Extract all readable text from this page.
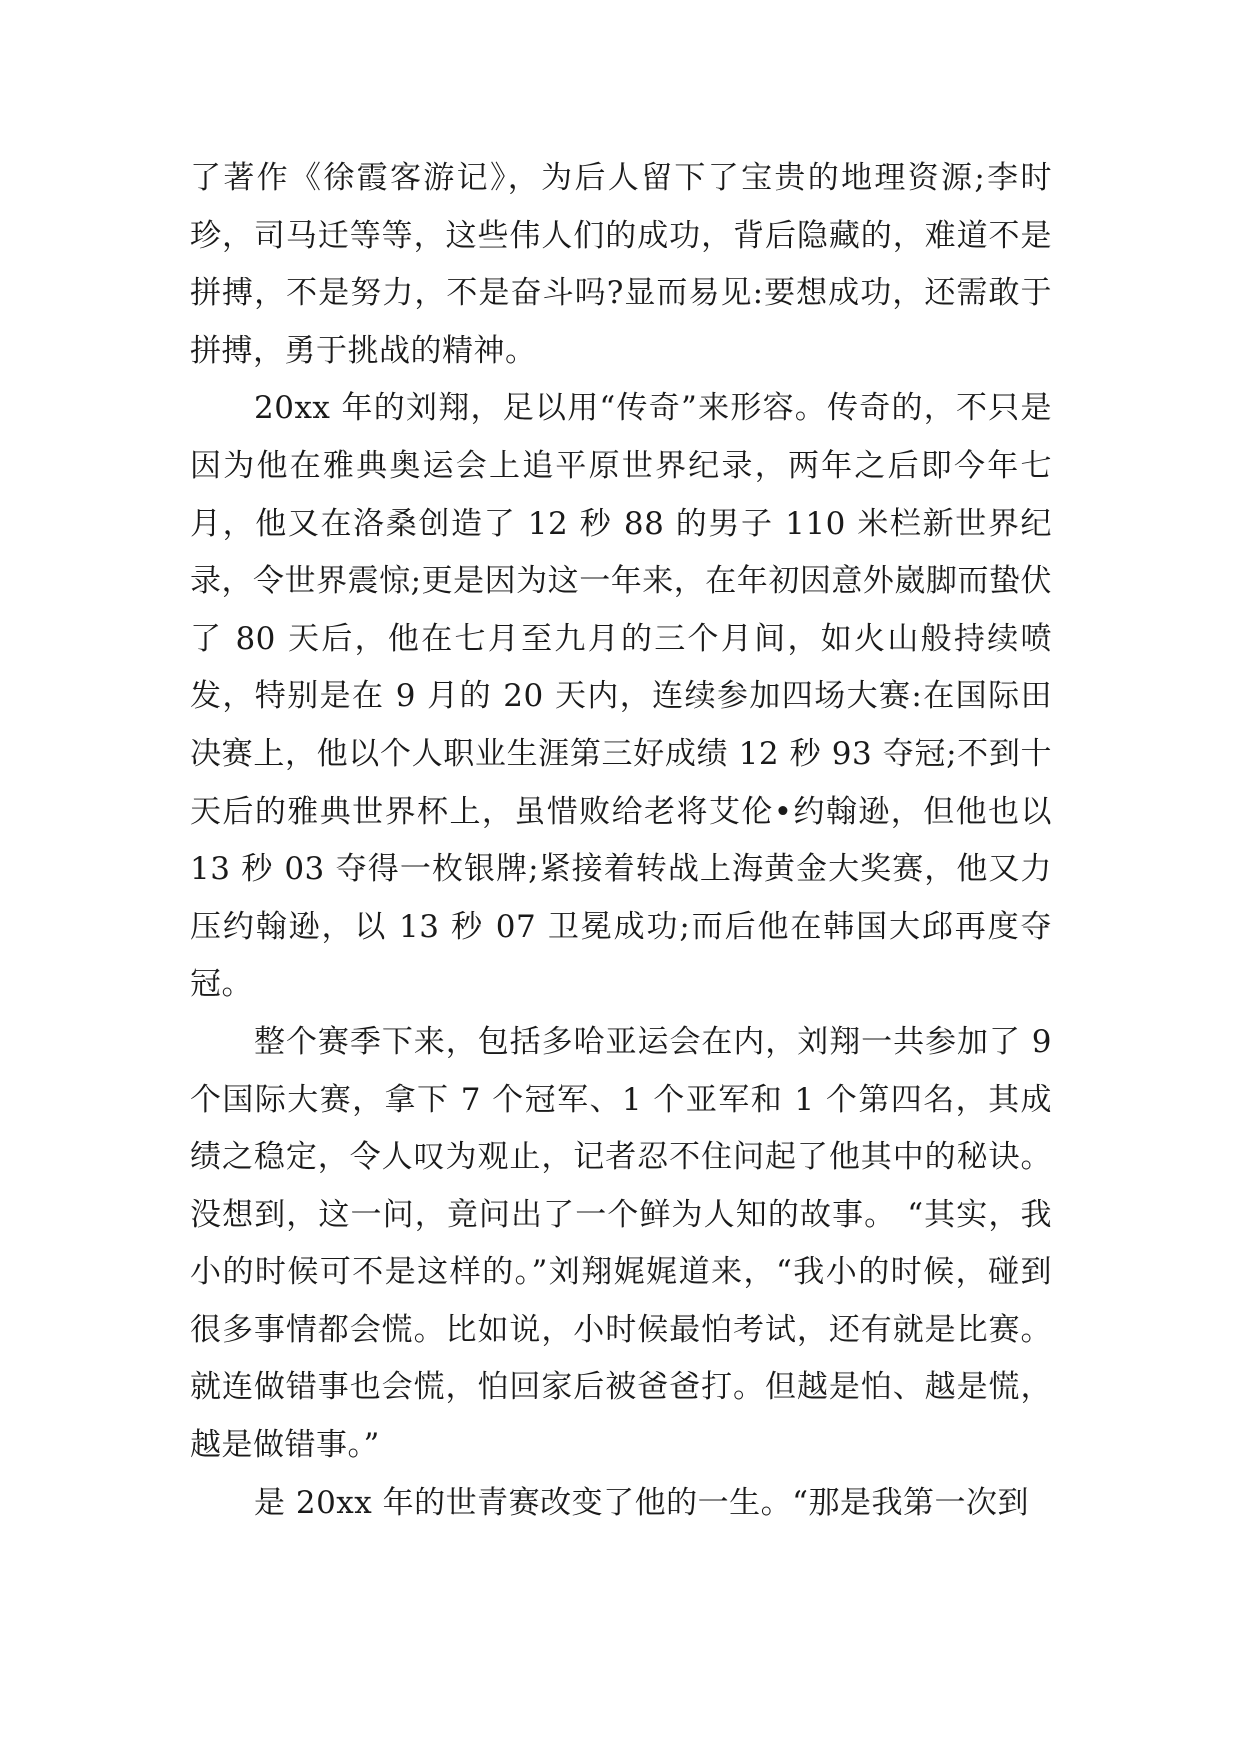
了著作《徐霞客游记》，为后人留下了宝贵的地理资源;李时珍，司马迁等等，这些伟人们的成功，背后隐藏的，难道不是拼搏，不是努力，不是奋斗吗?显而易见:要想成功，还需敢于拼搏，勇于挑战的精神。

20xx 年的刘翔，足以用“传奇”来形容。传奇的，不只是因为他在雅典奥运会上追平原世界纪录，两年之后即今年七月，他又在洛桑创造了 12 秒 88 的男子 110 米栏新世界纪录，令世界震惊;更是因为这一年来，在年初因意外崴脚而蛰伏了 80 天后，他在七月至九月的三个月间，如火山般持续喷发，特别是在 9 月的 20 天内，连续参加四场大赛:在国际田决赛上，他以个人职业生涯第三好成绩 12 秒 93 夺冠;不到十天后的雅典世界杯上，虽惜败给老将艾伦•约翰逊，但他也以 13 秒 03 夺得一枚银牌;紧接着转战上海黄金大奖赛，他又力压约翰逊，以 13 秒 07 卫冕成功;而后他在韩国大邱再度夺冠。

整个赛季下来，包括多哈亚运会在内，刘翔一共参加了 9 个国际大赛，拿下 7 个冠军、1 个亚军和 1 个第四名，其成绩之稳定，令人叹为观止，记者忍不住问起了他其中的秘诀。没想到，这一问，竟问出了一个鲜为人知的故事。 “其实，我小的时候可不是这样的。”刘翔娓娓道来，“我小的时候，碰到很多事情都会慌。比如说，小时候最怕考试，还有就是比赛。就连做错事也会慌，怕回家后被爸爸打。但越是怕、越是慌，越是做错事。”

是 20xx 年的世青赛改变了他的一生。“那是我第一次到
